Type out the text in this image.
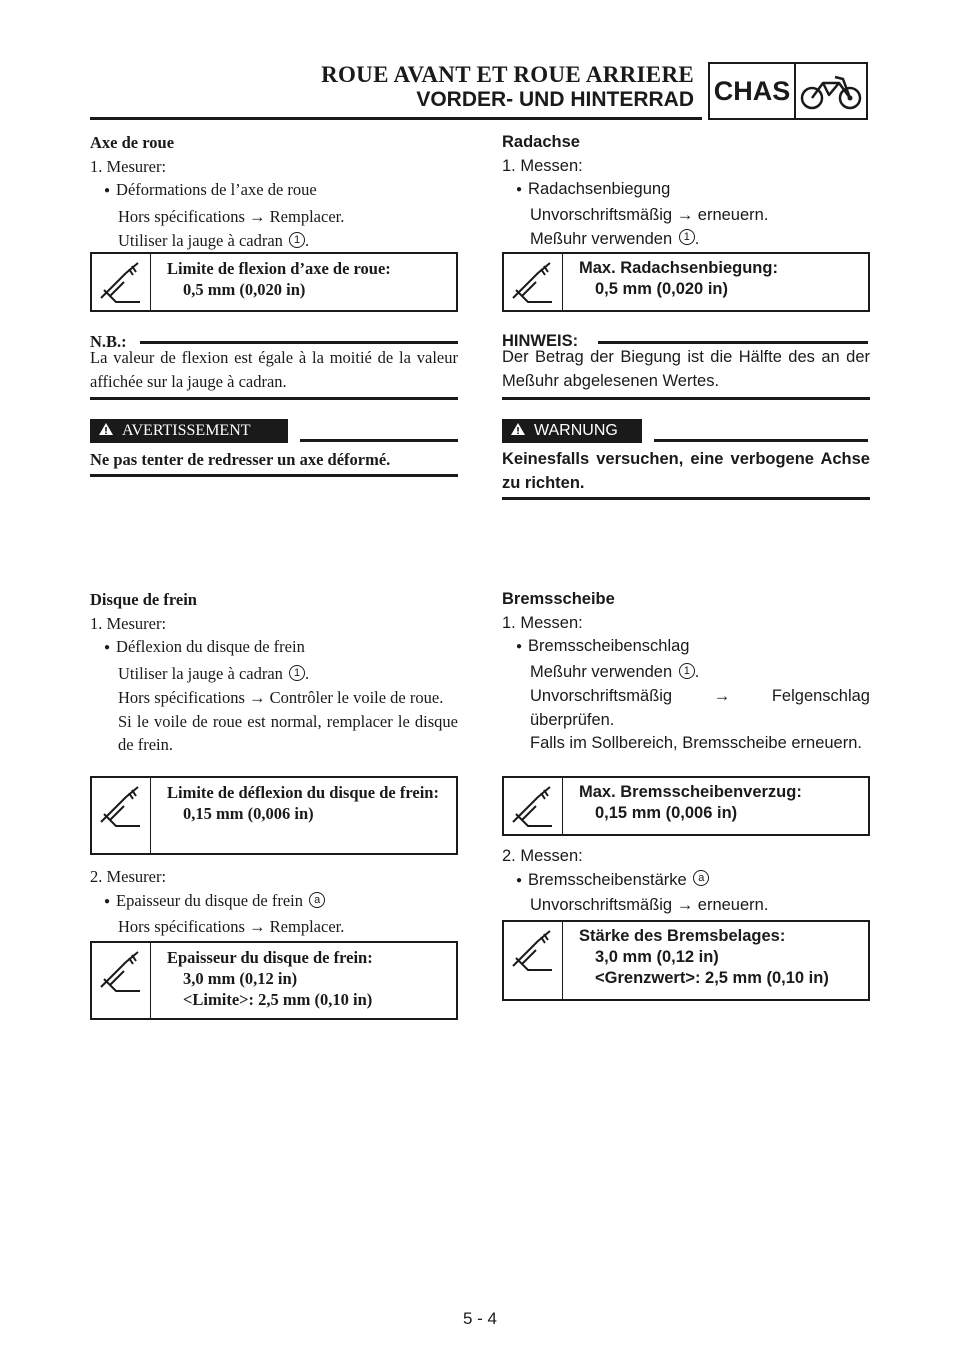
ROUE AVANT ET ROUE ARRIERE
VORDER- UND HINTERRAD CHAS

Axe de roue

1. Mesurer:

● Déformations de l’axe de roue

Hors spécifications → Remplacer.

Utiliser la jauge à cadran 1 .

Limite de flexion d’axe de roue:
0,5 mm (0,020 in)
N.B.:
La valeur de flexion est égale à la moitié de la valeur affichée sur la jauge à cadran.
AVERTISSEMENT
Ne pas tenter de redresser un axe déformé.

Disque de frein

1. Mesurer:

● Déflexion du disque de frein

Utiliser la jauge à cadran 1 .

Hors spécifications → Contrôler le voile de roue.

Si le voile de roue est normal, remplacer le disque de frein.

Limite de déflexion du disque de frein:
0,15 mm (0,006 in)

2. Mesurer:

● Epaisseur du disque de frein a

Hors spécifications → Remplacer.

Epaisseur du disque de frein:
3,0 mm (0,12 in)
<Limite>: 2,5 mm (0,10 in)

Radachse

1. Messen:

● Radachsenbiegung

Unvorschriftsmäßig → erneuern.

Meßuhr verwenden 1 .

Max. Radachsenbiegung:
0,5 mm (0,020 in)
HINWEIS:
Der Betrag der Biegung ist die Hälfte des an der Meßuhr abgelesenen Wertes.
WARNUNG
Keinesfalls versuchen, eine verbogene Achse zu richten.

Bremsscheibe

1. Messen:

● Bremsscheibenschlag

Meßuhr verwenden 1 .

Unvorschriftsmäßig → Felgenschlag überprüfen.

Falls im Sollbereich, Bremsscheibe erneuern.

Max. Bremsscheibenverzug:
0,15 mm (0,006 in)

2. Messen:

● Bremsscheibenstärke a

Unvorschriftsmäßig → erneuern.

Stärke des Bremsbelages:
3,0 mm (0,12 in)
<Grenzwert>: 2,5 mm (0,10 in)
5 - 4
